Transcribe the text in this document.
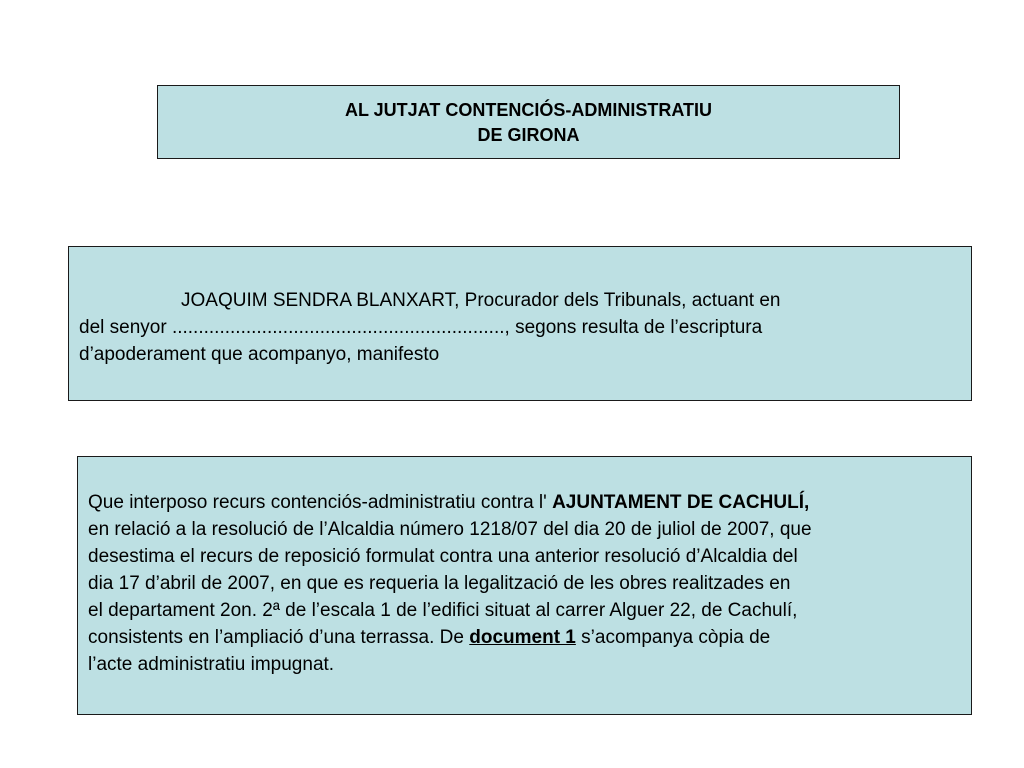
AL JUTJAT CONTENCIÓS-ADMINISTRATIU
DE GIRONA
JOAQUIM SENDRA BLANXART, Procurador dels Tribunals, actuant en
del senyor ..............................................................., segons resulta de l’escriptura
d’apoderament que acompanyo, manifesto
Que interposo recurs contenciós-administratiu contra l' AJUNTAMENT DE CACHULÍ,
en relació a la resolució de l’Alcaldia número 1218/07 del dia 20 de juliol de 2007, que
desestima el recurs de reposició formulat contra una anterior resolució d’Alcaldia del
dia 17 d’abril de 2007, en que es requeria la legalització de les obres realitzades en
el departament 2on. 2ª de l’escala 1 de l’edifici situat al carrer Alguer 22, de Cachulí,
consistents en l’ampliació d’una terrassa. De document 1 s’acompanya còpia de
l’acte administratiu impugnat.
